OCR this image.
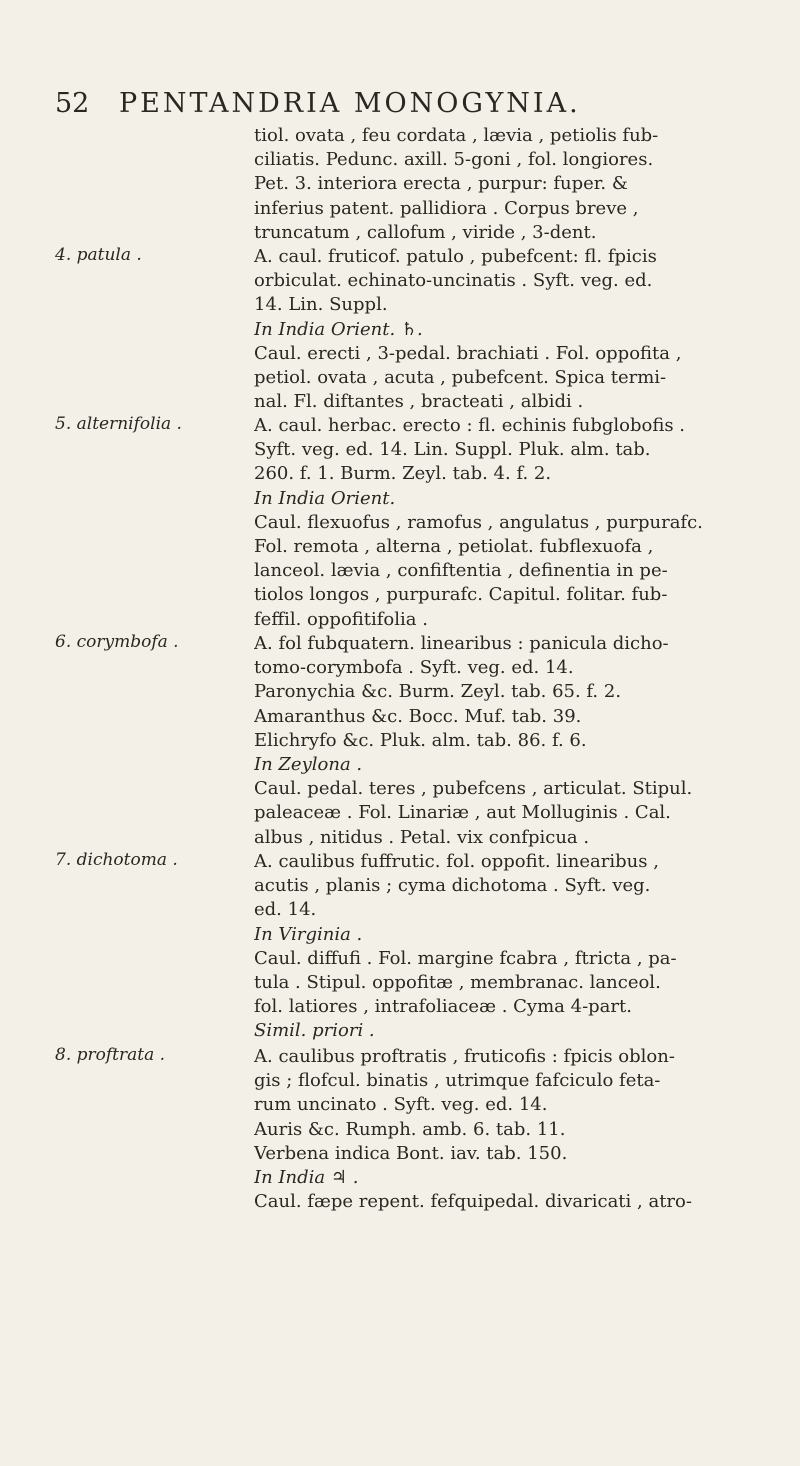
52 PENTANDRIA MONOGYNIA.
tiol. ovata , feu cordata , lævia , petiolis fub-
ciliatis. Pedunc. axill. 5-goni , fol. longiores.
Pet. 3. interiora erecta , purpur: fuper. &
inferius patent. pallidiora . Corpus breve ,
truncatum , callofum , viride , 3-dent.
4. patula .	A. caul. fruticof. patulo , pubefcent: fl. fpicis
orbiculat. echinato-uncinatis . Syft. veg. ed.
14. Lin. Suppl.
In India Orient. ♄.
Caul. erecti , 3-pedal. brachiati . Fol. oppofita ,
petiol. ovata , acuta , pubefcent. Spica termi-
nal. Fl. diftantes , bracteati , albidi .
5. alternifolia .	A. caul. herbac. erecto : fl. echinis fubglobofis .
Syft. veg. ed. 14. Lin. Suppl. Pluk. alm. tab.
260. f. 1. Burm. Zeyl. tab. 4. f. 2.
In India Orient.
Caul. flexuofus , ramofus , angulatus , purpurafc.
Fol. remota , alterna , petiolat. fubflexuofa ,
lanceol. lævia , confiftentia , definentia in pe-
tiolos longos , purpurafc. Capitul. folitar. fub-
feffil. oppofitifolia .
6. corymbofa .	A. fol fubquatern. linearibus : panicula dicho-
tomo-corymbofa . Syft. veg. ed. 14.
Paronychia &c. Burm. Zeyl. tab. 65. f. 2.
Amaranthus &c. Bocc. Muf. tab. 39.
Elichryfo &c. Pluk. alm. tab. 86. f. 6.
In Zeylona .
Caul. pedal. teres , pubefcens , articulat. Stipul.
paleaceæ . Fol. Linariæ , aut Molluginis . Cal.
albus , nitidus . Petal. vix confpicua .
7. dichotoma .	A. caulibus fuffrutic. fol. oppofit. linearibus ,
acutis , planis ; cyma dichotoma . Syft. veg.
ed. 14.
In Virginia .
Caul. diffufi . Fol. margine fcabra , ftricta , pa-
tula . Stipul. oppofitæ , membranac. lanceol.
fol. latiores , intrafoliaceæ . Cyma 4-part.
Simil. priori .
8. proftrata .	A. caulibus proftratis , fruticofis : fpicis oblon-
gis ; flofcul. binatis , utrimque fafciculo feta-
rum uncinato . Syft. veg. ed. 14.
Auris &c. Rumph. amb. 6. tab. 11.
Verbena indica Bont. iav. tab. 150.
In India ♃ .
Caul. fæpe repent. fefquipedal. divaricati , atro-
